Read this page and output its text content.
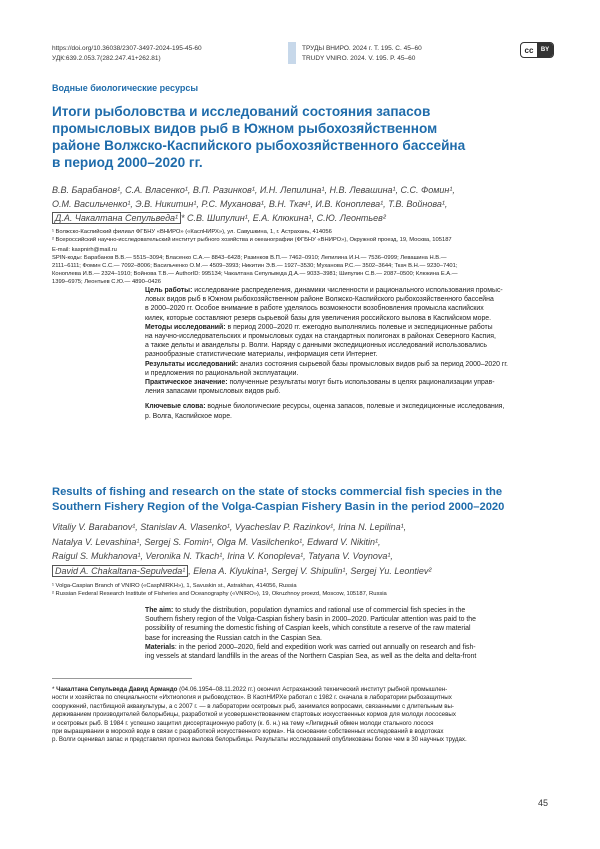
https://doi.org/10.36038/2307-3497-2024-195-45-60
УДК:639.2.053.7(282.247.41+262.81)
ТРУДЫ ВНИРО. 2024 г. Т. 195. С. 45–60
TRUDY VNIRO. 2024. V. 195. P. 45–60
cc	BY
Водные биологические ресурсы
Итоги рыболовства и исследований состояния запасов
промысловых видов рыб в Южном рыбохозяйственном
районе Волжско-Каспийского рыбохозяйственного бассейна
в период 2000–2020 гг.
В.В. Барабанов¹, С.А. Власенко¹, В.П. Разинков¹, И.Н. Лепилина¹, Н.В. Левашина¹, С.С. Фомин¹,
О.М. Васильченко¹, Э.В. Никитин¹, Р.С. Муханова¹, В.Н. Ткач¹, И.В. Коноплева¹, Т.В. Войнова¹,
Д.А. Чакалтана Сепульведа¹ * С.В. Шипулин¹, Е.А. Клюкина¹, С.Ю. Леонтьев²
¹ Волжско-Каспийский филиал ФГБНУ «ВНИРО» («КаспНИРХ»), ул. Савушкина, 1, г. Астрахань, 414056
² Всероссийский научно-исследовательский институт рыбного хозяйства и океанографии (ФГБНУ «ВНИРО»), Окружной проезд, 19, Москва, 105187
E-mail: kaspnirh@mail.ru
SPIN-коды: Барабанов В.В.— 5515–3094; Власенко С.А.— 8843–6428; Разинков В.П.— 7462–0910; Лепилина И.Н.— 7536–0999; Левашина Н.В.—
2111–6111; Фомин С.С.— 7092–8006; Васильченко О.М.— 4509–3993; Никитин Э.В.— 1927–3530; Муханова Р.С.— 3502–3644; Ткач В.Н.— 9230–7401;
Коноплева И.В.— 2324–1910; Войнова Т.В.— AuthorID: 995134; Чакалтана Сепульведа Д.А.— 9033–3981; Шипулин С.В.— 2087–0500; Клюкина Е.А.—
1399–6975; Леонтьев С.Ю.— 4890–0426
Цель работы: исследование распределения, динамики численности и рационального использования промыс-
ловых видов рыб в Южном рыбохозяйственном районе Волжско-Каспийского рыбохозяйственного бассейна
в 2000–2020 гг. Особое внимание в работе уделялось возможности возобновления промысла каспийских
килек, которые составляют резерв сырьевой базы для увеличения российского вылова в Каспийском море.
Методы исследований: в период 2000–2020 гг. ежегодно выполнялись полевые и экспедиционные работы
на научно-исследовательских и промысловых судах на стандартных полигонах в районах Северного Каспия,
а также дельты и авандельты р. Волги. Наряду с данными экспедиционных исследований использовались
разнообразные статистические материалы, информация сети Интернет.
Результаты исследований: анализ состояния сырьевой базы промысловых видов рыб за период 2000–2020 гг.
и предложения по рациональной эксплуатации.
Практическое значение: полученные результаты могут быть использованы в целях рационализации управ-
ления запасами промысловых видов рыб.
Ключевые слова: водные биологические ресурсы, оценка запасов, полевые и экспедиционные исследования,
р. Волга, Каспийское море.
Results of fishing and research on the state of stocks commercial fish species in the
Southern Fishery Region of the Volga-Caspian Fishery Basin in the period 2000–2020
Vitaliy V. Barabanov¹, Stanislav A. Vlasenko¹, Vyacheslav P. Razinkov¹, Irina N. Lepilina¹,
Natalya V. Levashina¹, Sergej S. Fomin¹, Olga M. Vasilchenko¹, Edward V. Nikitin¹,
Raigul S. Mukhanova¹, Veronika N. Tkach¹, Irina V. Konopleva¹, Tatyana V. Voynova¹,
David A. Chakaltana-Sepulveda¹ , Elena A. Klyukina¹, Sergej V. Shipulin¹, Sergej Yu. Leontiev²
¹ Volga-Caspian Branch of VNIRO («CaspNIRKH»), 1, Savuskin st., Astrakhan, 414056, Russia
² Russian Federal Research Institute of Fisheries and Oceanography («VNIRO»), 19, Okruzhnoy proezd, Moscow, 105187, Russia
The aim: to study the distribution, population dynamics and rational use of commercial fish species in the
Southern fishery region of the Volga-Caspian fishery basin in 2000–2020. Particular attention was paid to the
possibility of resuming the domestic fishing of Caspian keels, which constitute a reserve of the raw material
base for increasing the Russian catch in the Caspian Sea.
Materials: in the period 2000–2020, field and expedition work was carried out annually on research and fish-
ing vessels at standard landfills in the areas of the Northern Caspian Sea, as well as the delta and delta-front
* Чакалтана Сепульведа Давид Армандо (04.06.1954–08.11.2022 гг.) окончил Астраханский технический институт рыбной промышлен-
ности и хозяйства по специальности «Ихтиология и рыбоводство». В КаспНИРХе работал с 1982 г. сначала в лаборатории рыбозащитных
сооружений, пастбищной аквакультуры, а с 2007 г. — в лаборатории осетровых рыб, занимался вопросами, связанными с длительным вы-
держиванием производителей белорыбицы, разработкой и усовершенствованием стартовых искусственных кормов для молоди лососевых
и осетровых рыб. В 1984 г. успешно защитил диссертационную работу (к. б. н.) на тему «Липидный обмен молоди стального лосося
при выращивании в морской воде в связи с разработкой искусственного корма». На основании собственных исследований в водотоках
р. Волги оценивал запас и представлял прогноз вылова белорыбицы. Результаты исследований опубликованы более чем в 30 научных трудах.
45
